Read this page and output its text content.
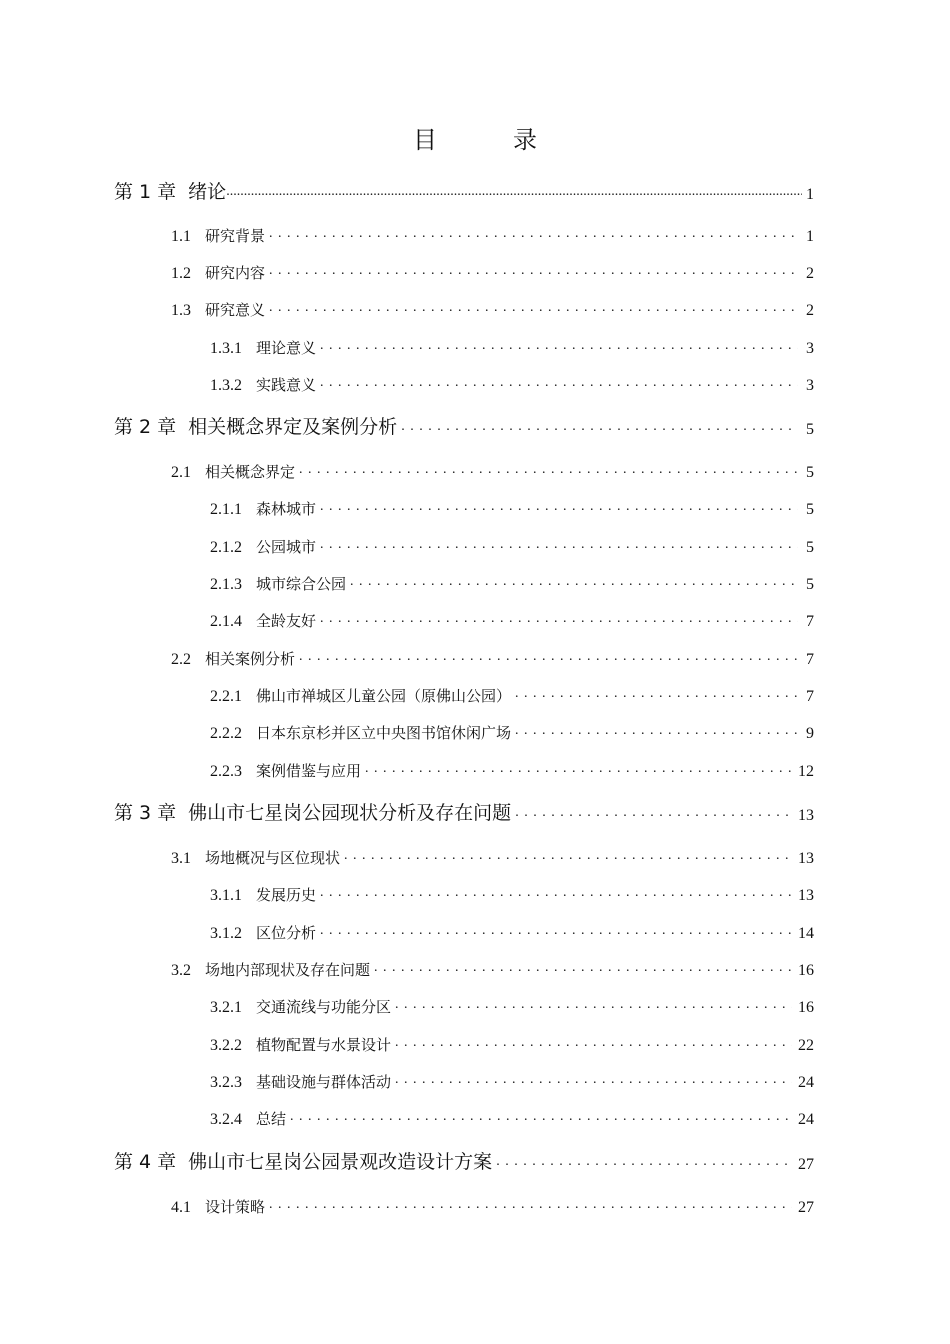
目　录
第 1 章 绪论 .....	1
1.1 研究背景 . . .	1
1.2 研究内容 . . .	2
1.3 研究意义 . . .	2
1.3.1 理论意义 . . .	3
1.3.2 实践意义 . . .	3
第 2 章 相关概念界定及案例分析 . . .	5
2.1 相关概念界定 . . .	5
2.1.1 森林城市 . . .	5
2.1.2 公园城市 . . .	5
2.1.3 城市综合公园 . . .	5
2.1.4 全龄友好 . . .	7
2.2 相关案例分析 . . .	7
2.2.1 佛山市禅城区儿童公园（原佛山公园） . . .	7
2.2.2 日本东京杉并区立中央图书馆休闲广场 . . .	9
2.2.3 案例借鉴与应用 . . .	12
第 3 章 佛山市七星岗公园现状分析及存在问题 . . .	13
3.1 场地概况与区位现状 . . .	13
3.1.1 发展历史 . . .	13
3.1.2 区位分析 . . .	14
3.2 场地内部现状及存在问题 . . .	16
3.2.1 交通流线与功能分区 . . .	16
3.2.2 植物配置与水景设计 . . .	22
3.2.3 基础设施与群体活动 . . .	24
3.2.4 总结 . . .	24
第 4 章 佛山市七星岗公园景观改造设计方案 . . .	27
4.1 设计策略 . . .	27
